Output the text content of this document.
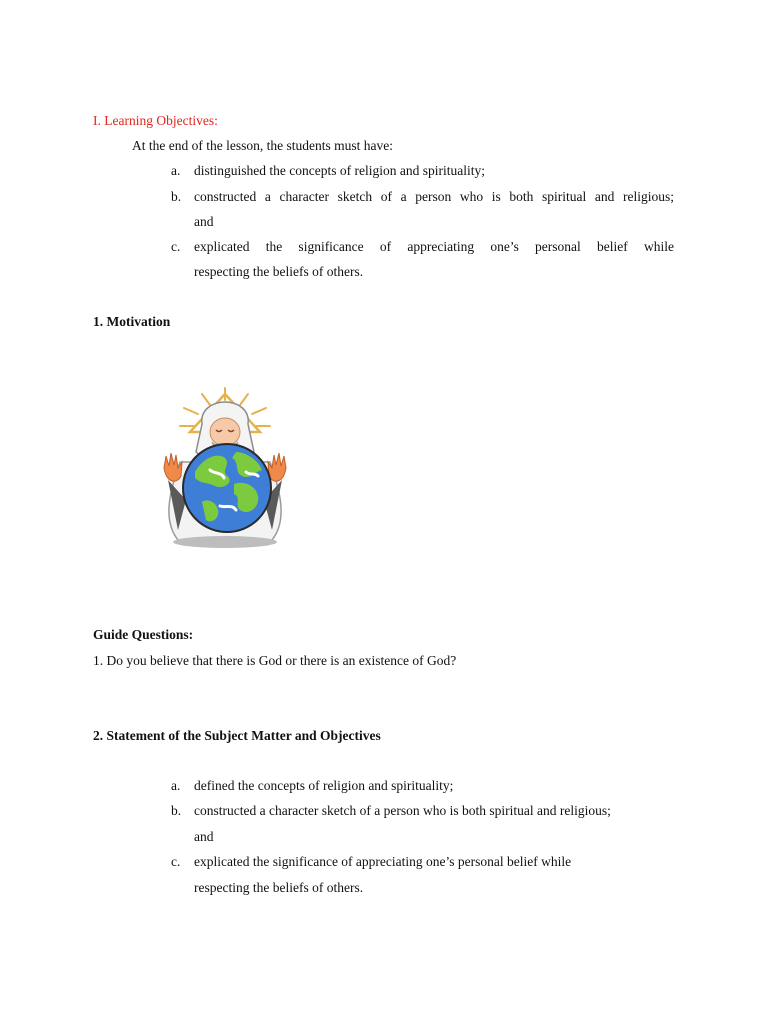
I. Learning Objectives:

At the end of the lesson, the students must have:

a. distinguished the concepts of religion and spirituality;
b. constructed a character sketch of a person who is both spiritual and religious;
and
c. explicated the significance of appreciating one’s personal belief while
respecting the beliefs of others.

1. Motivation

Guide Questions:

1. Do you believe that there is God or there is an existence of God?

2. Statement of the Subject Matter and Objectives

a. defined the concepts of religion and spirituality;
b. constructed a character sketch of a person who is both spiritual and religious;
and
c. explicated the significance of appreciating one’s personal belief while
respecting the beliefs of others.
